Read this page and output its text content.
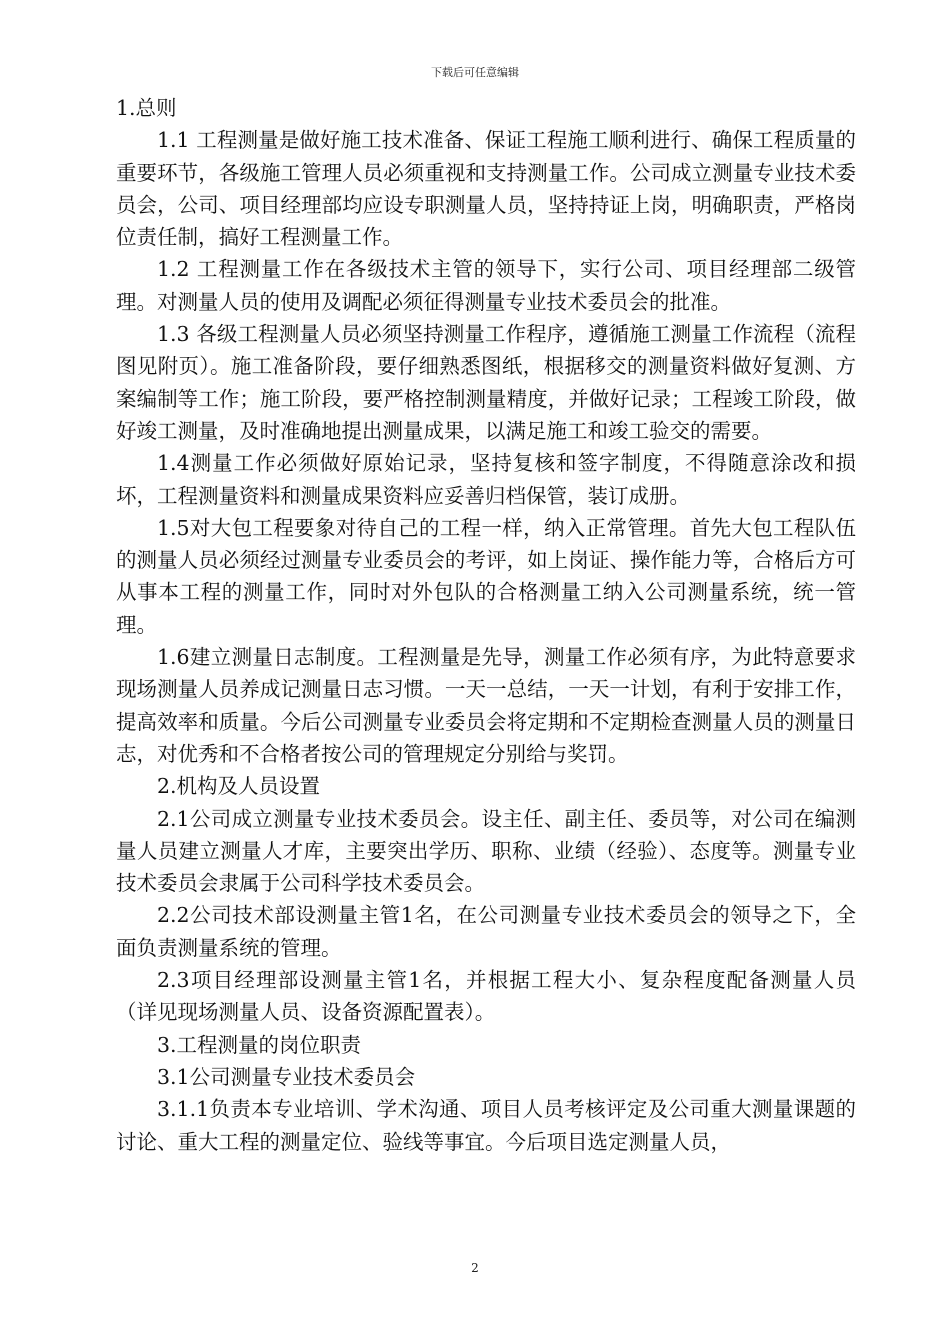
下载后可任意编辑

1.总则

1.1 工程测量是做好施工技术准备、保证工程施工顺利进行、确保工程质量的重要环节，各级施工管理人员必须重视和支持测量工作。公司成立测量专业技术委员会，公司、项目经理部均应设专职测量人员，坚持持证上岗，明确职责，严格岗位责任制，搞好工程测量工作。

1.2 工程测量工作在各级技术主管的领导下，实行公司、项目经理部二级管理。对测量人员的使用及调配必须征得测量专业技术委员会的批准。

1.3 各级工程测量人员必须坚持测量工作程序，遵循施工测量工作流程（流程图见附页）。施工准备阶段，要仔细熟悉图纸，根据移交的测量资料做好复测、方案编制等工作；施工阶段，要严格控制测量精度，并做好记录；工程竣工阶段，做好竣工测量，及时准确地提出测量成果，以满足施工和竣工验交的需要。

1.4测量工作必须做好原始记录，坚持复核和签字制度，不得随意涂改和损坏，工程测量资料和测量成果资料应妥善归档保管，装订成册。

1.5对大包工程要象对待自己的工程一样，纳入正常管理。首先大包工程队伍的测量人员必须经过测量专业委员会的考评，如上岗证、操作能力等，合格后方可从事本工程的测量工作，同时对外包队的合格测量工纳入公司测量系统，统一管理。

1.6建立测量日志制度。工程测量是先导，测量工作必须有序，为此特意要求现场测量人员养成记测量日志习惯。一天一总结，一天一计划，有利于安排工作，提高效率和质量。今后公司测量专业委员会将定期和不定期检查测量人员的测量日志，对优秀和不合格者按公司的管理规定分别给与奖罚。

2.机构及人员设置

2.1公司成立测量专业技术委员会。设主任、副主任、委员等，对公司在编测量人员建立测量人才库，主要突出学历、职称、业绩（经验）、态度等。测量专业技术委员会隶属于公司科学技术委员会。

2.2公司技术部设测量主管1名，在公司测量专业技术委员会的领导之下，全面负责测量系统的管理。

2.3项目经理部设测量主管1名，并根据工程大小、复杂程度配备测量人员（详见现场测量人员、设备资源配置表）。

3.工程测量的岗位职责

3.1公司测量专业技术委员会

3.1.1负责本专业培训、学术沟通、项目人员考核评定及公司重大测量课题的讨论、重大工程的测量定位、验线等事宜。今后项目选定测量人员，

2
